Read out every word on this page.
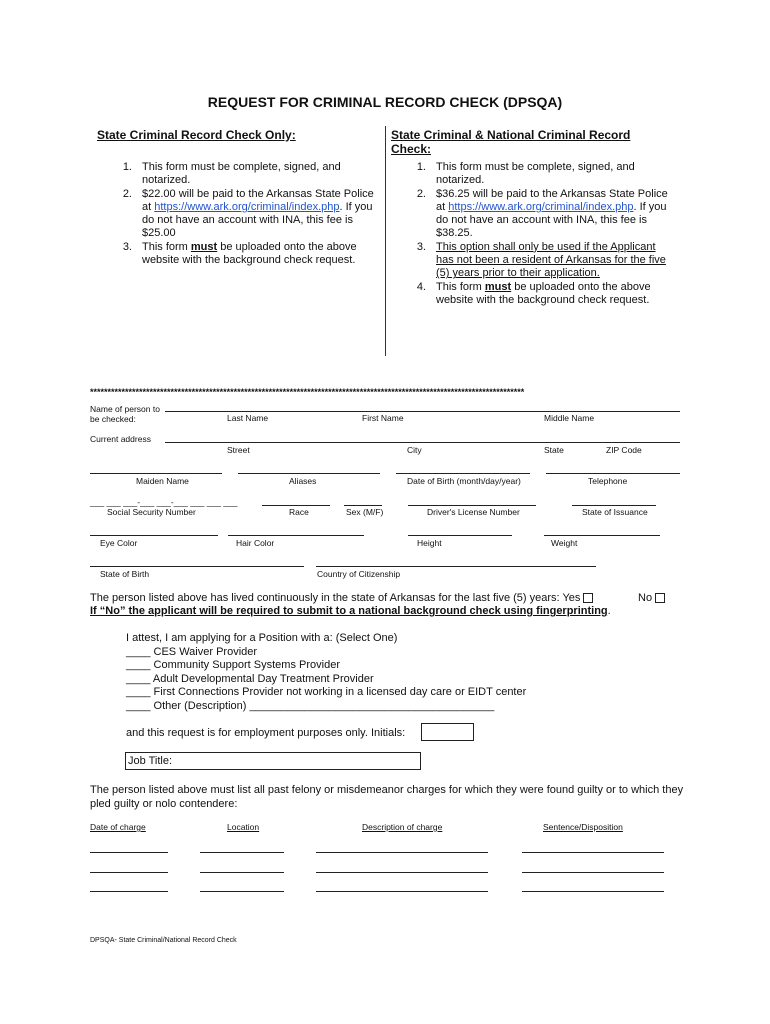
REQUEST FOR CRIMINAL RECORD CHECK (DPSQA)
State Criminal Record Check Only:
1. This form must be complete, signed, and notarized.
2. $22.00 will be paid to the Arkansas State Police at https://www.ark.org/criminal/index.php. If you do not have an account with INA, this fee is $25.00
3. This form must be uploaded onto the above website with the background check request.
State Criminal & National Criminal Record Check:
1. This form must be complete, signed, and notarized.
2. $36.25 will be paid to the Arkansas State Police at https://www.ark.org/criminal/index.php. If you do not have an account with INA, this fee is $38.25.
3. This option shall only be used if the Applicant has not been a resident of Arkansas for the five (5) years prior to their application.
4. This form must be uploaded onto the above website with the background check request.
****************************************************************************************************************************
Name of person to be checked:	Last Name	First Name	Middle Name
Current address
Street	City	State	ZIP Code
Maiden Name	Aliases	Date of Birth (month/day/year)	Telephone
___ ___ ___-___ ___-___ ___ ___ ___
Social Security Number	Race	Sex (M/F)	Driver's License Number	State of Issuance
Eye Color	Hair Color	Height	Weight
State of Birth	Country of Citizenship
The person listed above has lived continuously in the state of Arkansas for the last five (5) years: Yes	No
If “No” the applicant will be required to submit to a national background check using fingerprinting.
I attest, I am applying for a Position with a: (Select One)
____ CES Waiver Provider
____ Community Support Systems Provider
____ Adult Developmental Day Treatment Provider
____ First Connections Provider not working in a licensed day care or EIDT center
____ Other (Description) ________________________________________
and this request is for employment purposes only. Initials:
Job Title:
The person listed above must list all past felony or misdemeanor charges for which they were found guilty or to which they pled guilty or nolo contendere:
Date of charge	Location	Description of charge	Sentence/Disposition
DPSQA- State Criminal/National Record Check
